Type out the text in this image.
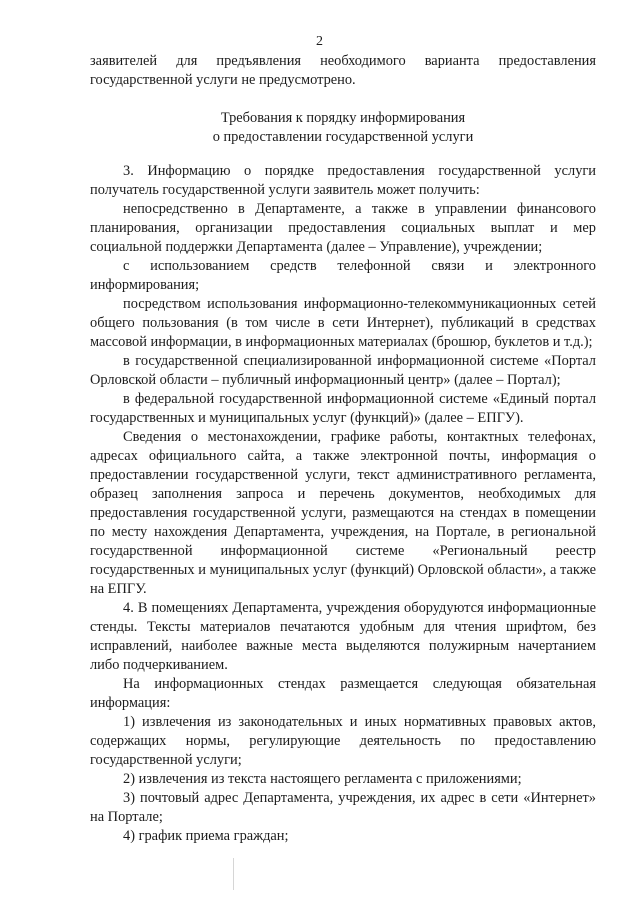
2

заявителей для предъявления необходимого варианта предоставления государственной услуги не предусмотрено.

Требования к порядку информирования

о предоставлении государственной услуги

3. Информацию о порядке предоставления государственной услуги получатель государственной услуги заявитель может получить:

непосредственно в Департаменте, а также в управлении финансового планирования, организации предоставления социальных выплат и мер социальной поддержки Департамента (далее – Управление), учреждении;

с использованием средств телефонной связи и электронного информирования;

посредством использования информационно-телекоммуникационных сетей общего пользования (в том числе в сети Интернет), публикаций в средствах массовой информации, в информационных материалах (брошюр, буклетов и т.д.);

в государственной специализированной информационной системе «Портал Орловской области – публичный информационный центр» (далее – Портал);

в федеральной государственной информационной системе «Единый портал государственных и муниципальных услуг (функций)» (далее – ЕПГУ).

Сведения о местонахождении, графике работы, контактных телефонах, адресах официального сайта, а также электронной почты, информация о предоставлении государственной услуги, текст административного регламента, образец заполнения запроса и перечень документов, необходимых для предоставления государственной услуги, размещаются на стендах в помещении по месту нахождения Департамента, учреждения, на Портале, в региональной государственной информационной системе «Региональный реестр государственных и муниципальных услуг (функций) Орловской области», а также на ЕПГУ.

4. В помещениях Департамента, учреждения оборудуются информационные стенды. Тексты материалов печатаются удобным для чтения шрифтом, без исправлений, наиболее важные места выделяются полужирным начертанием либо подчеркиванием.

На информационных стендах размещается следующая обязательная информация:

1) извлечения из законодательных и иных нормативных правовых актов, содержащих нормы, регулирующие деятельность по предоставлению государственной услуги;

2) извлечения из текста настоящего регламента с приложениями;

3) почтовый адрес Департамента, учреждения, их адрес в сети «Интернет» на Портале;

4) график приема граждан;
